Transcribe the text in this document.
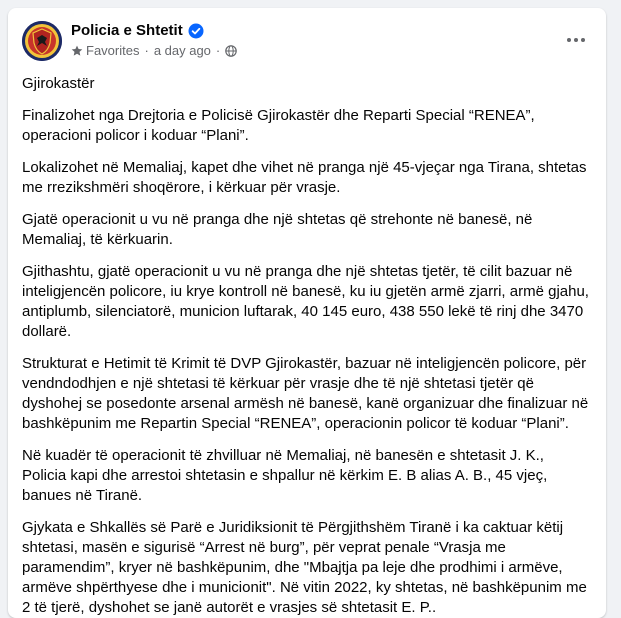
Policia e Shtetit
Favorites · a day ago ·

Gjirokastër

Finalizohet nga Drejtoria e Policisë Gjirokastër dhe Reparti Special “RENEA”, operacioni policor i koduar “Plani”.

Lokalizohet në Memaliaj, kapet dhe vihet në pranga një 45-vjeçar nga Tirana, shtetas me rrezikshmëri shoqërore, i kërkuar për vrasje.

Gjatë operacionit u vu në pranga dhe një shtetas që strehonte në banesë, në Memaliaj, të kërkuarin.

Gjithashtu, gjatë operacionit u vu në pranga dhe një shtetas tjetër, të cilit bazuar në inteligjencën policore, iu krye kontroll në banesë, ku iu gjetën armë zjarri, armë gjahu, antiplumb, silenciatorë, municion luftarak, 40 145 euro, 438 550 lekë të rinj dhe 3470 dollarë.

Strukturat e Hetimit të Krimit të DVP Gjirokastër, bazuar në inteligjencën policore, për vendndodhjen e një shtetasi të kërkuar për vrasje dhe të një shtetasi tjetër që dyshohej se posedonte arsenal armësh në banesë, kanë organizuar dhe finalizuar në bashkëpunim me Repartin Special “RENEA”, operacionin policor të koduar “Plani”.

Në kuadër të operacionit të zhvilluar në Memaliaj, në banesën e shtetasit J. K., Policia kapi dhe arrestoi shtetasin e shpallur në kërkim E. B alias A. B., 45 vjeç, banues në Tiranë.

Gjykata e Shkallës së Parë e Juridiksionit të Përgjithshëm Tiranë i ka caktuar këtij shtetasi, masën e sigurisë “Arrest në burg”, për veprat penale “Vrasja me paramendim”, kryer në bashkëpunim, dhe "Mbajtja pa leje dhe prodhimi i armëve, armëve shpërthyese dhe i municionit". Në vitin 2022, ky shtetas, në bashkëpunim me 2 të tjerë, dyshohet se janë autorët e vrasjes së shtetasit E. P..
